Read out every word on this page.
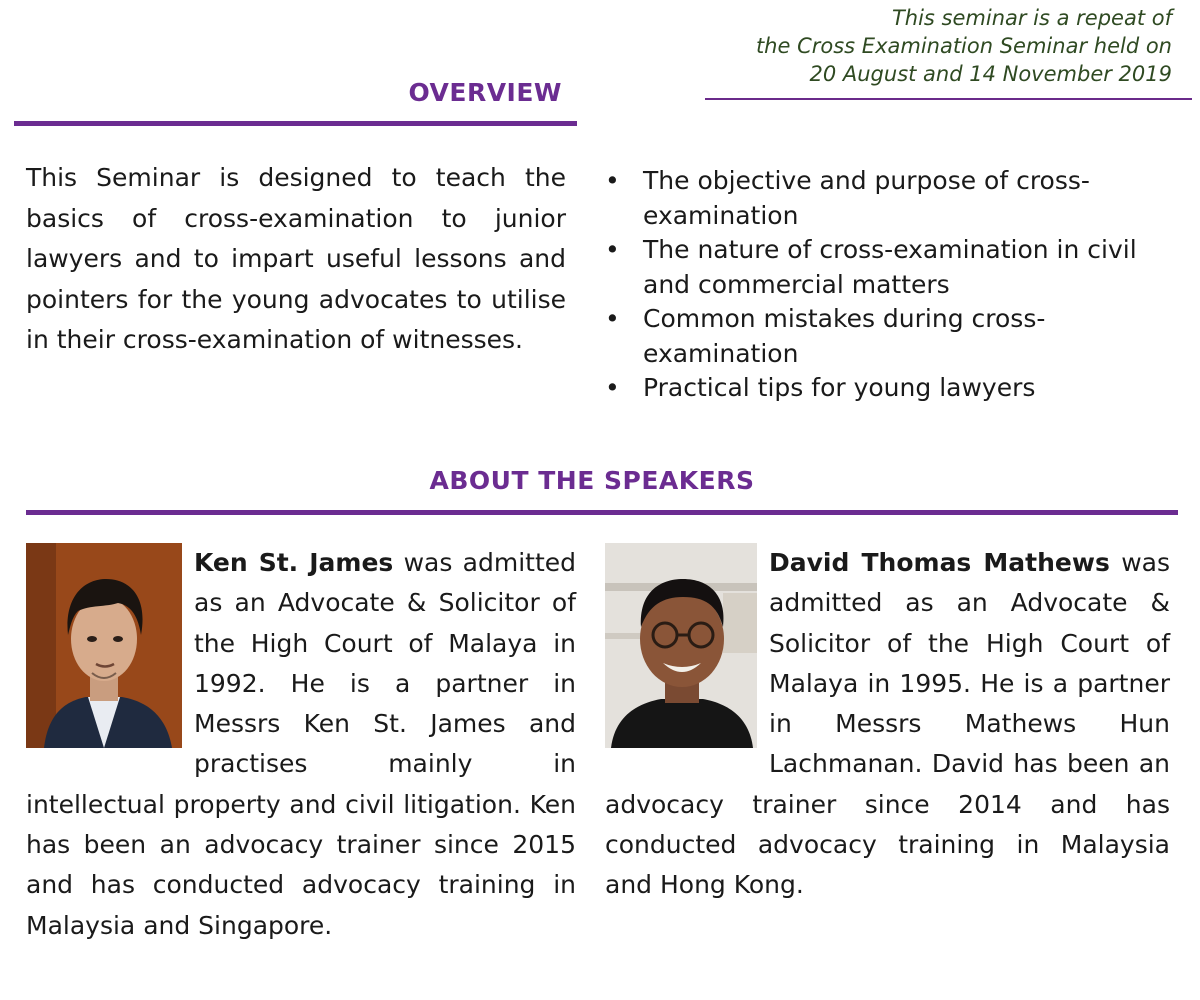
This seminar is a repeat of
the Cross Examination Seminar held on
20 August and 14 November 2019
OVERVIEW

This Seminar is designed to teach the basics of cross-examination to junior lawyers and to impart useful lessons and pointers for the young advocates to utilise in their cross-examination of witnesses.

• The objective and purpose of cross-examination
• The nature of cross-examination in civil and commercial matters
• Common mistakes during cross-examination
• Practical tips for young lawyers
ABOUT THE SPEAKERS

Ken St. James was admitted as an Advocate & Solicitor of the High Court of Malaya in 1992. He is a partner in Messrs Ken St. James and practises mainly in intellectual property and civil litigation. Ken has been an advocacy trainer since 2015 and has conducted advocacy training in Malaysia and Singapore.

David Thomas Mathews was admitted as an Advocate & Solicitor of the High Court of Malaya in 1995. He is a partner in Messrs Mathews Hun Lachmanan. David has been an advocacy trainer since 2014 and has conducted advocacy training in Malaysia and Hong Kong.
